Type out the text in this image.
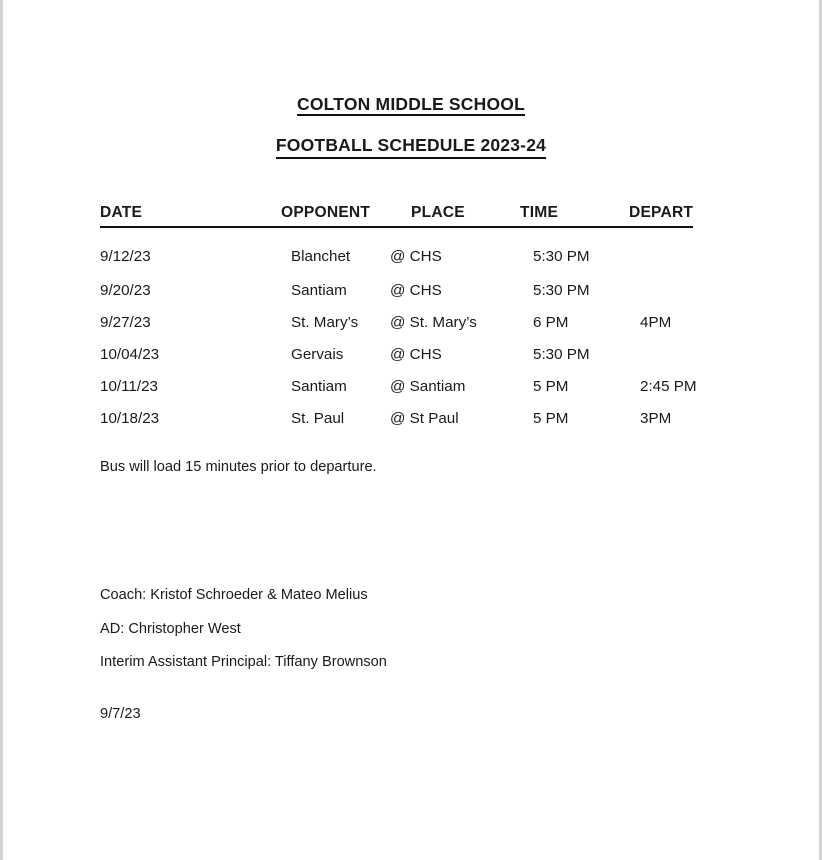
COLTON MIDDLE SCHOOL
FOOTBALL SCHEDULE 2023-24
DATE	OPPONENT	PLACE	TIME	DEPART
9/12/23	Blanchet	@ CHS	5:30 PM	
9/20/23	Santiam	@ CHS	5:30 PM	
9/27/23	St. Mary’s	@ St. Mary’s	6 PM	4PM
10/04/23	Gervais	@ CHS	5:30 PM	
10/11/23	Santiam	@ Santiam	5 PM	2:45 PM
10/18/23	St. Paul	@ St Paul	5 PM	3PM
Bus will load 15 minutes prior to departure.

Coach: Kristof Schroeder & Mateo Melius

AD: Christopher West

Interim Assistant Principal: Tiffany Brownson

9/7/23
